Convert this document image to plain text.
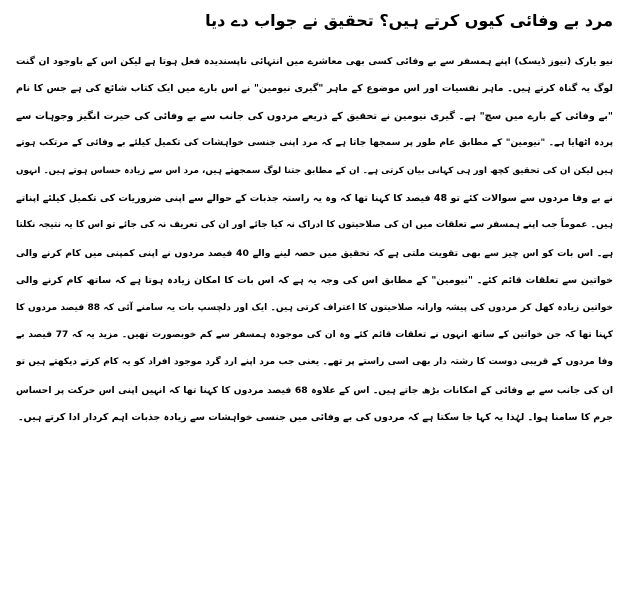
مرد بے وفائی کیوں کرتے ہیں؟ تحقیق نے جواب دے دیا
نیو یارک (نیوز ڈیسک) اپنے ہمسفر سے بے وفائی کسی بھی معاشرے میں انتہائی ناپسندیدہ فعل ہوتا ہے لیکن اس کے باوجود ان گنت
لوگ یہ گناہ کرتے ہیں۔ ماہر نفسیات اور اس موضوع کے ماہر "گیری نیومین" نے اس بارے میں ایک کتاب شائع کی ہے جس کا نام
"بے وفائی کے بارے میں سچ" ہے۔ گیری نیومین نے تحقیق کے ذریعے مردوں کی جانب سے بے وفائی کی حیرت انگیز وجوہات سے
پردہ اٹھایا ہے۔ "نیومین" کے مطابق عام طور پر سمجھا جاتا ہے کہ مرد اپنی جنسی خواہشات کی تکمیل کیلئے بے وفائی کے مرتکب ہوتے
ہیں لیکن ان کی تحقیق کچھ اور ہی کہانی بیان کرتی ہے۔ ان کے مطابق جتنا لوگ سمجھتے ہیں، مرد اس سے زیادہ حساس ہوتے ہیں۔ انہوں
نے بے وفا مردوں سے سوالات کئے تو 48 فیصد کا کہنا تھا کہ وہ یہ راستہ جذبات کے حوالے سے اپنی ضروریات کی تکمیل کیلئے اپناتے
ہیں۔ عموماً جب اپنے ہمسفر سے تعلقات میں ان کی صلاحیتوں کا ادراک نہ کیا جائے اور ان کی تعریف نہ کی جائے تو اس کا یہ نتیجہ نکلتا
ہے۔ اس بات کو اس چیز سے بھی تقویت ملتی ہے کہ تحقیق میں حصہ لینے والے 40 فیصد مردوں نے اپنی کمپنی میں کام کرنے والی
خواتین سے تعلقات قائم کئے۔ "نیومین" کے مطابق اس کی وجہ یہ ہے کہ اس بات کا امکان زیادہ ہوتا ہے کہ ساتھ کام کرنے والی
خواتین زیادہ کھل کر مردوں کی پیشہ وارانہ صلاحیتوں کا اعتراف کرتی ہیں۔ ایک اور دلچسپ بات یہ سامنے آئی کہ 88 فیصد مردوں کا
کہنا تھا کہ جن خواتین کے ساتھ انہوں نے تعلقات قائم کئے وہ ان کی موجودہ ہمسفر سے کم خوبصورت تھیں۔ مزید یہ کہ 77 فیصد بے
وفا مردوں کے قریبی دوست کا رشتہ دار بھی اسی راستے پر تھے۔ یعنی جب مرد اپنے ارد گرد موجود افراد کو یہ کام کرتے دیکھتے ہیں تو
ان کی جانب سے بے وفائی کے امکانات بڑھ جاتے ہیں۔ اس کے علاوہ 68 فیصد مردوں کا کہنا تھا کہ انہیں اپنی اس حرکت پر احساس
جرم کا سامنا ہوا۔ لہٰذا یہ کہا جا سکتا ہے کہ مردوں کی بے وفائی میں جنسی خواہشات سے زیادہ جذبات اہم کردار ادا کرتے ہیں۔
